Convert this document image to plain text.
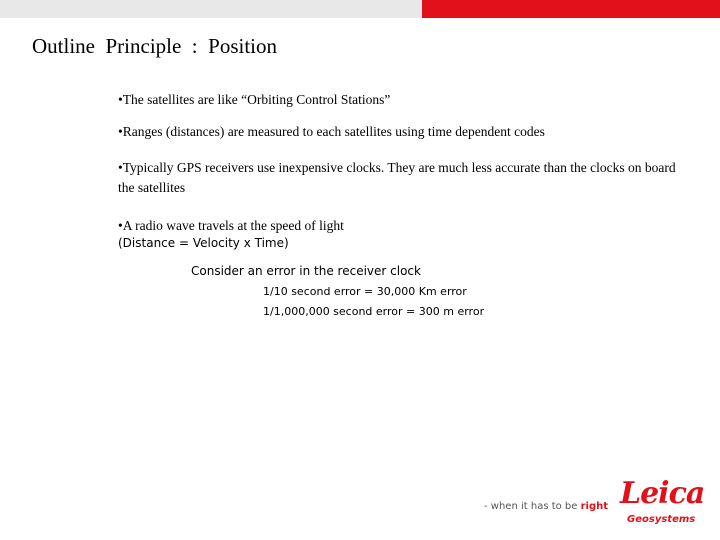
Outline  Principle  :  Position
•The satellites are like “Orbiting Control Stations”
•Ranges (distances) are measured to each satellites using time dependent codes
•Typically GPS receivers use inexpensive clocks. They are much less accurate than the clocks on board the satellites
•A radio wave travels at the speed of light
(Distance = Velocity x Time)
Consider an error in the receiver clock
1/10 second error = 30,000 Km error
1/1,000,000 second error = 300 m error
- when it has to be right Leica
Geosystems
